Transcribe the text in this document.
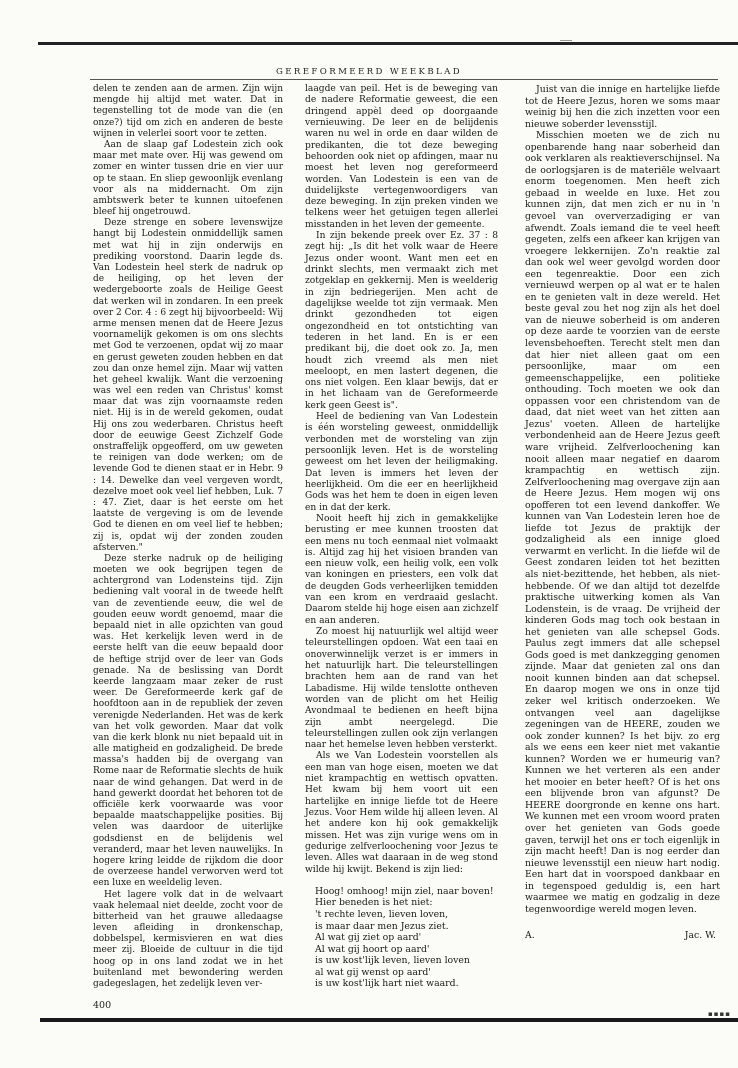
GEREFORMEERD WEEKBLAD

delen te zenden aan de armen. Zijn wijn mengde hij altijd met water. Dat in tegenstelling tot de mode van die (en onze?) tijd om zich en anderen de beste wijnen in velerlei soort voor te zetten.

Aan de slaap gaf Lodestein zich ook maar met mate over. Hij was gewend om zomer en winter tussen drie en vier uur op te staan. En sliep gewoonlijk evenlang voor als na middernacht. Om zijn ambtswerk beter te kunnen uitoefenen bleef hij ongetrouwd.

Deze strenge en sobere levenswijze hangt bij Lodestein onmiddellijk samen met wat hij in zijn onderwijs en prediking voorstond. Daarin legde ds. Van Lodestein heel sterk de nadruk op de heiliging, op het leven der wedergeboorte zoals de Heilige Geest dat werken wil in zondaren. In een preek over 2 Cor. 4 : 6 zegt hij bijvoorbeeld: Wij arme mensen menen dat de Heere Jezus voornamelijk gekomen is om ons slechts met God te verzoenen, opdat wij zo maar en gerust geweten zouden hebben en dat zou dan onze hemel zijn. Maar wij vatten het geheel kwalijk. Want die verzoening was wel een reden van Christus' komst maar dat was zijn voornaamste reden niet. Hij is in de wereld gekomen, oudat Hij ons zou wederbaren. Christus heeft door de eeuwige Geest Zichzelf Gode onstraffelijk opgeofferd, om uw geweten te reinigen van dode werken; om de levende God te dienen staat er in Hebr. 9 : 14. Dewelke dan veel vergeven wordt, dezelve moet ook veel lief hebben, Luk. 7 : 47. Ziet, daar is het eerste om het laatste de vergeving is om de levende God te dienen en om veel lief te hebben; zij is, opdat wij der zonden zouden afsterven."

Deze sterke nadruk op de heiliging moeten we ook begrijpen tegen de achtergrond van Lodensteins tijd. Zijn bediening valt vooral in de tweede helft van de zeventiende eeuw, die wel de gouden eeuw wordt genoemd, maar die bepaald niet in alle opzichten van goud was. Het kerkelijk leven werd in de eerste helft van die eeuw bepaald door de heftige strijd over de leer van Gods genade. Na de beslissing van Dordt keerde langzaam maar zeker de rust weer. De Gereformeerde kerk gaf de hoofdtoon aan in de republiek der zeven verenigde Nederlanden. Het was de kerk van het volk geworden. Maar dat volk van die kerk blonk nu niet bepaald uit in alle matigheid en godzaligheid. De brede massa's hadden bij de overgang van Rome naar de Reformatie slechts de huik naar de wind gehangen. Dat werd in de hand gewerkt doordat het behoren tot de officiële kerk voorwaarde was voor bepaalde maatschappelijke posities. Bij velen was daardoor de uiterlijke godsdienst en de belijdenis wel veranderd, maar het leven nauwelijks. In hogere kring leidde de rijkdom die door de overzeese handel verworven werd tot een luxe en weeldelig leven.

Het lagere volk dat in de welvaart vaak helemaal niet deelde, zocht voor de bitterheid van het grauwe alledaagse leven afleiding in dronkenschap, dobbelspel, kermisvieren en wat dies meer zij. Bloeide de cultuur in die tijd hoog op in ons land zodat we in het buitenland met bewondering werden gadegeslagen, het zedelijk leven ver-

laagde van peil. Het is de beweging van de nadere Reformatie geweest, die een dringend appèl deed op doorgaande vernieuwing. De leer en de belijdenis waren nu wel in orde en daar wilden de predikanten, die tot deze beweging behoorden ook niet op afdingen, maar nu moest het leven nog gereformeerd worden. Van Lodestein is een van de duidelijkste vertegenwoordigers van deze beweging. In zijn preken vinden we telkens weer het getuigen tegen allerlei misstanden in het leven der gemeente.

In zijn bekende preek over Ez. 37 : 8 zegt hij: „Is dit het volk waar de Heere Jezus onder woont. Want men eet en drinkt slechts, men vermaakt zich met zotgeklap en gekkernij. Men is weelderig in zijn bedriegerijen. Men acht de dagelijkse weelde tot zijn vermaak. Men drinkt gezondheden tot eigen ongezondheid en tot ontstichting van tederen in het land. En is er een predikant bij, die doet ook zo. Ja, men houdt zich vreemd als men niet meeloopt, en men lastert degenen, die ons niet volgen. Een klaar bewijs, dat er in het lichaam van de Gereformeerde kerk geen Geest is".

Heel de bediening van Van Lodestein is één worsteling geweest, onmiddellijk verbonden met de worsteling van zijn persoonlijk leven. Het is de worsteling geweest om het leven der heiligmaking. Dat leven is immers het leven der heerlijkheid. Om die eer en heerlijkheid Gods was het hem te doen in eigen leven en in dat der kerk.

Nooit heeft hij zich in gemakkelijke berusting er mee kunnen troosten dat een mens nu toch eenmaal niet volmaakt is. Altijd zag hij het visioen branden van een nieuw volk, een heilig volk, een volk van koningen en priesters, een volk dat de deugden Gods verheerlijken temidden van een krom en verdraaid geslacht. Daarom stelde hij hoge eisen aan zichzelf en aan anderen.

Zo moest hij natuurlijk wel altijd weer teleurstellingen opdoen. Wat een taai en onoverwinnelijk verzet is er immers in het natuurlijk hart. Die teleurstellingen brachten hem aan de rand van het Labadisme. Hij wilde tenslotte ontheven worden van de plicht om het Heilig Avondmaal te bedienen en heeft bijna zijn ambt neergelegd. Die teleurstellingen zullen ook zijn verlangen naar het hemelse leven hebben versterkt.

Als we Van Lodestein voorstellen als een man van hoge eisen, moeten we dat niet krampachtig en wettisch opvatten. Het kwam bij hem voort uit een hartelijke en innige liefde tot de Heere Jezus. Voor Hem wilde hij alleen leven. Al het andere kon hij ook gemakkelijk missen. Het was zijn vurige wens om in gedurige zelfverloochening voor Jezus te leven. Alles wat daaraan in de weg stond wilde hij kwijt. Bekend is zijn lied:

Hoog! omhoog! mijn ziel, naar boven!
Hier beneden is het niet:
't rechte leven, lieven loven,
is maar daar men Jezus ziet.
Al wat gij ziet op aard'
Al wat gij hoort op aard'
is uw kost'lijk leven, lieven loven
al wat gij wenst op aard'
is uw kost'lijk hart niet waard.

Juist van die innige en hartelijke liefde tot de Heere Jezus, horen we soms maar weinig bij hen die zich inzetten voor een nieuwe soberder levensstijl.

Misschien moeten we de zich nu openbarende hang naar soberheid dan ook verklaren als reaktieverschijnsel. Na de oorlogsjaren is de materiële welvaart enorm toegenomen. Men heeft zich gebaad in weelde en luxe. Het zou kunnen zijn, dat men zich er nu in 'n gevoel van oververzadiging er van afwendt. Zoals iemand die te veel heeft gegeten, zelfs een afkeer kan krijgen van vroegere lekkernijen. Zo'n reaktie zal dan ook wel weer gevolgd worden door een tegenreaktie. Door een zich vernieuwd werpen op al wat er te halen en te genieten valt in deze wereld. Het beste geval zou het nog zijn als het doel van de nieuwe soberheid is om anderen op deze aarde te voorzien van de eerste levensbehoeften. Terecht stelt men dan dat hier niet alleen gaat om een persoonlijke, maar om een gemeenschappelijke, een politieke onthouding. Toch moeten we ook dan oppassen voor een christendom van de daad, dat niet weet van het zitten aan Jezus' voeten. Alleen de hartelijke verbondenheid aan de Heere Jezus geeft ware vrijheid. Zelfverloochening kan nooit alleen maar negatief en daarom krampachtig en wettisch zijn. Zelfverloochening mag overgave zijn aan de Heere Jezus. Hem mogen wij ons opofferen tot een levend dankoffer. We kunnen van Van Lodestein leren hoe de liefde tot Jezus de praktijk der godzaligheid als een innige gloed verwarmt en verlicht. In die liefde wil de Geest zondaren leiden tot het bezitten als niet-bezittende, het hebben, als niet-hebbende. Of we dan altijd tot dezelfde praktische uitwerking komen als Van Lodenstein, is de vraag. De vrijheid der kinderen Gods mag toch ook bestaan in het genieten van alle schepsel Gods. Paulus zegt immers dat alle schepsel Gods goed is met dankzegging genomen zijnde. Maar dat genieten zal ons dan nooit kunnen binden aan dat schepsel. En daarop mogen we ons in onze tijd zeker wel kritisch onderzoeken. We ontvangen veel aan dagelijkse zegeningen van de HEERE, zouden we ook zonder kunnen? Is het bijv. zo erg als we eens een keer niet met vakantie kunnen? Worden we er humeurig van? Kunnen we het verteren als een ander het mooier en beter heeft? Of is het ons een blijvende bron van afgunst? De HEERE doorgronde en kenne ons hart. We kunnen met een vroom woord praten over het genieten van Gods goede gaven, terwijl het ons er toch eigenlijk in zijn macht heeft! Dan is nog eerder dan nieuwe levensstijl een nieuw hart nodig. Een hart dat in voorspoed dankbaar en in tegenspoed geduldig is, een hart waarmee we matig en godzalig in deze tegenwoordige wereld mogen leven.

A.	Jac. W.
400
▪▪▪▪
